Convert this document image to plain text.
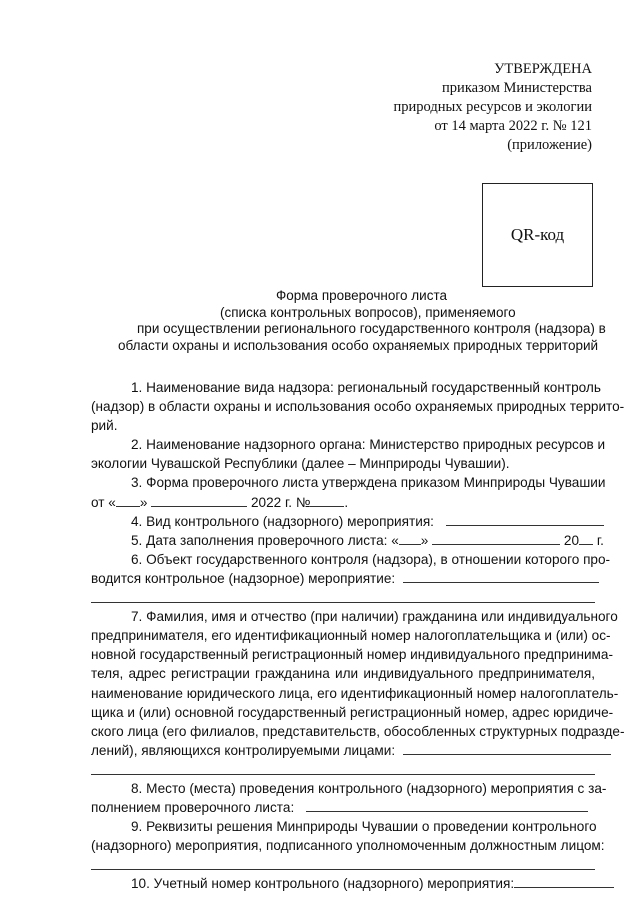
УТВЕРЖДЕНА
приказом Министерства
природных ресурсов и экологии
от 14 марта 2022 г. № 121
(приложение)
QR-код
Форма проверочного листа
(списка контрольных вопросов), применяемого
при осуществлении регионального государственного контроля (надзора) в
области охраны и использования особо охраняемых природных территорий
1. Наименование вида надзора: региональный государственный контроль
(надзор) в области охраны и использования особо охраняемых природных террито-
рий.
2. Наименование надзорного органа: Министерство природных ресурсов и
экологии Чувашской Республики (далее – Минприроды Чувашии).
3. Форма проверочного листа утверждена приказом Минприроды Чувашии
от « »	2022 г. №	.
4. Вид контрольного (надзорного) мероприятия:
5. Дата заполнения проверочного листа: « »	20 г.
6. Объект государственного контроля (надзора), в отношении которого про-
водится контрольное (надзорное) мероприятие:
7. Фамилия, имя и отчество (при наличии) гражданина или индивидуального
предпринимателя, его идентификационный номер налогоплательщика и (или) ос-
новной государственный регистрационный номер индивидуального предпринима-
теля, адрес регистрации гражданина или индивидуального предпринимателя,
наименование юридического лица, его идентификационный номер налогоплатель-
щика и (или) основной государственный регистрационный номер, адрес юридиче-
ского лица (его филиалов, представительств, обособленных структурных подразде-
лений), являющихся контролируемыми лицами:
8. Место (места) проведения контрольного (надзорного) мероприятия с за-
полнением проверочного листа:
9. Реквизиты решения Минприроды Чувашии о проведении контрольного
(надзорного) мероприятия, подписанного уполномоченным должностным лицом:
10. Учетный номер контрольного (надзорного) мероприятия:
